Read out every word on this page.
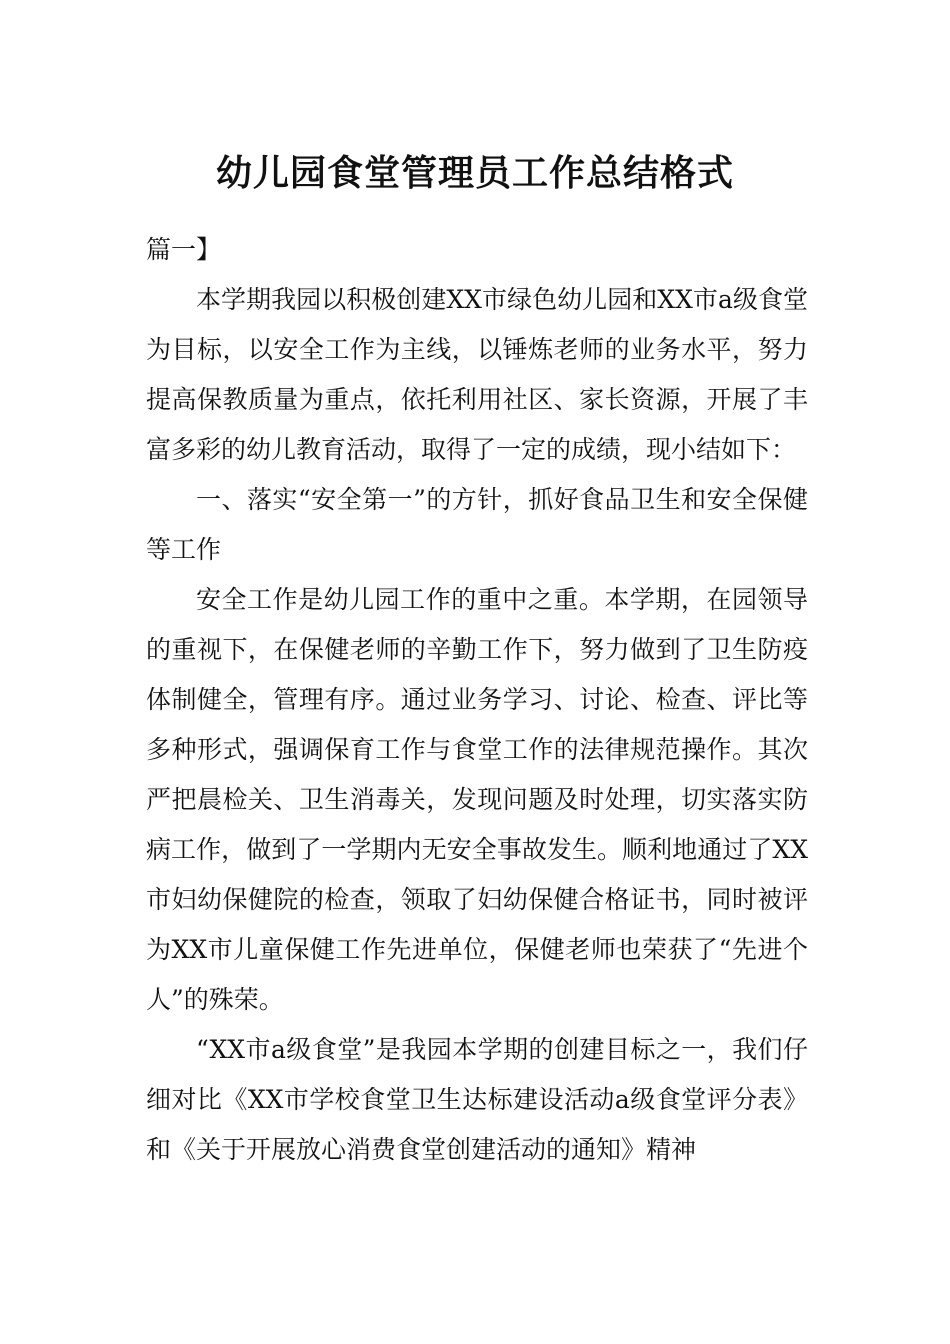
幼儿园食堂管理员工作总结格式

篇一】

本学期我园以积极创建XX市绿色幼儿园和XX市a级食堂为目标，以安全工作为主线，以锤炼老师的业务水平，努力提高保教质量为重点，依托利用社区、家长资源，开展了丰富多彩的幼儿教育活动，取得了一定的成绩，现小结如下：

一、落实“安全第一”的方针，抓好食品卫生和安全保健等工作

安全工作是幼儿园工作的重中之重。本学期，在园领导的重视下，在保健老师的辛勤工作下，努力做到了卫生防疫体制健全，管理有序。通过业务学习、讨论、检查、评比等多种形式，强调保育工作与食堂工作的法律规范操作。其次严把晨检关、卫生消毒关，发现问题及时处理，切实落实防病工作，做到了一学期内无安全事故发生。顺利地通过了XX市妇幼保健院的检查，领取了妇幼保健合格证书，同时被评为XX市儿童保健工作先进单位，保健老师也荣获了“先进个人”的殊荣。

“XX市a级食堂”是我园本学期的创建目标之一，我们仔细对比《XX市学校食堂卫生达标建设活动a级食堂评分表》和《关于开展放心消费食堂创建活动的通知》精神
